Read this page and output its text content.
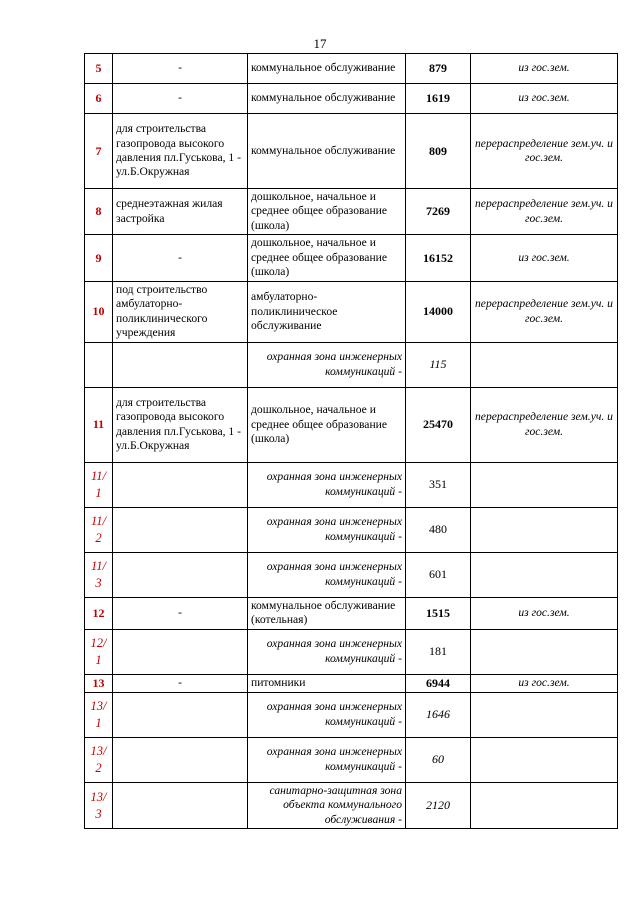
17
5	-	коммунальное обслуживание	879	из гос.зем.
6	-	коммунальное обслуживание	1619	из гос.зем.
7	для строительства газопровода высокого давления пл.Гуськова, 1 - ул.Б.Окружная	коммунальное обслуживание	809	перераспределение зем.уч. и гос.зем.
8	среднеэтажная жилая застройка	дошкольное, начальное и среднее общее образование (школа)	7269	перераспределение зем.уч. и гос.зем.
9	-	дошкольное, начальное и среднее общее образование (школа)	16152	из гос.зем.
10	под строительство амбулаторно-поликлинического учреждения	амбулаторно-поликлиническое обслуживание	14000	перераспределение зем.уч. и гос.зем.
		охранная зона инженерных коммуникаций -	115	
11	для строительства газопровода высокого давления пл.Гуськова, 1 - ул.Б.Окружная	дошкольное, начальное и среднее общее образование (школа)	25470	перераспределение зем.уч. и гос.зем.
11/ 1		охранная зона инженерных коммуникаций -	351	
11/ 2		охранная зона инженерных коммуникаций -	480	
11/ 3		охранная зона инженерных коммуникаций -	601	
12	-	коммунальное обслуживание (котельная)	1515	из гос.зем.
12/ 1		охранная зона инженерных коммуникаций -	181	
13	-	питомники	6944	из гос.зем.
13/ 1		охранная зона инженерных коммуникаций -	1646	
13/ 2		охранная зона инженерных коммуникаций -	60	
13/ 3		санитарно-защитная зона объекта коммунального обслуживания -	2120	
